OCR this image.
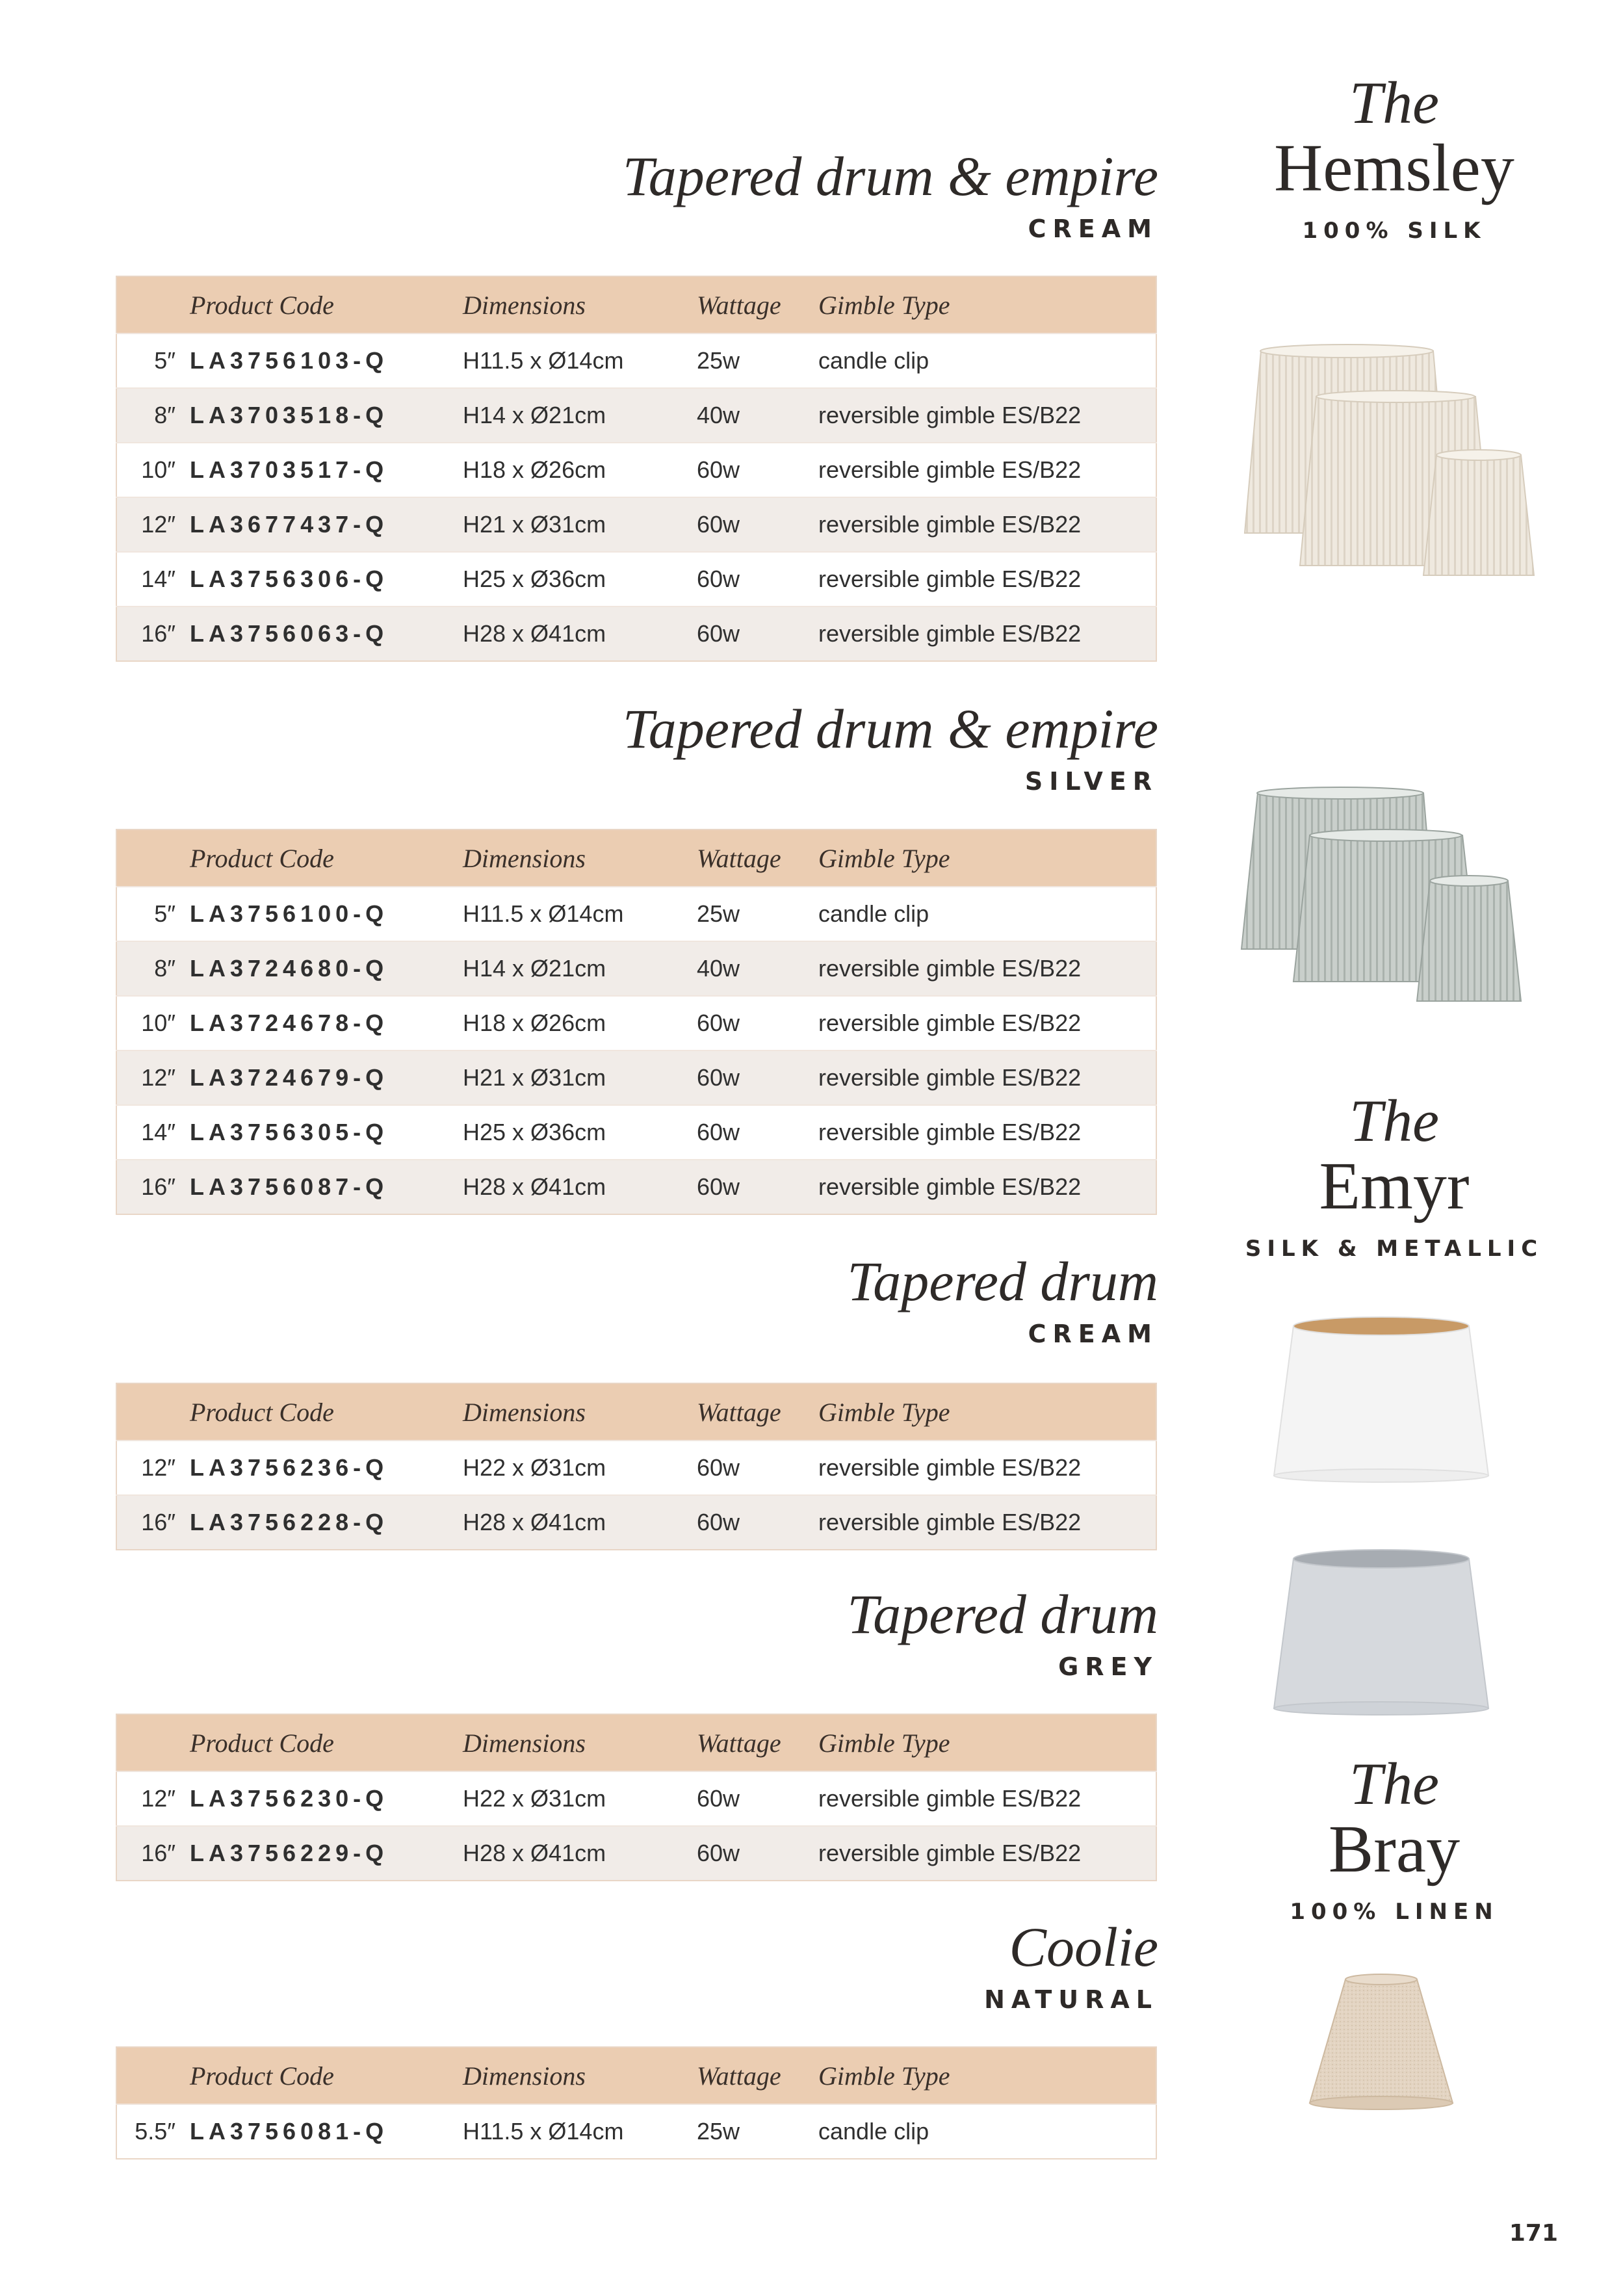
Tapered drum & empire
CREAM
	Product Code	Dimensions	Wattage	Gimble Type
5″	LA3756103-Q	H11.5 x Ø14cm	25w	candle clip
8″	LA3703518-Q	H14 x Ø21cm	40w	reversible gimble ES/B22
10″	LA3703517-Q	H18 x Ø26cm	60w	reversible gimble ES/B22
12″	LA3677437-Q	H21 x Ø31cm	60w	reversible gimble ES/B22
14″	LA3756306-Q	H25 x Ø36cm	60w	reversible gimble ES/B22
16″	LA3756063-Q	H28 x Ø41cm	60w	reversible gimble ES/B22
Tapered drum & empire
SILVER
	Product Code	Dimensions	Wattage	Gimble Type
5″	LA3756100-Q	H11.5 x Ø14cm	25w	candle clip
8″	LA3724680-Q	H14 x Ø21cm	40w	reversible gimble ES/B22
10″	LA3724678-Q	H18 x Ø26cm	60w	reversible gimble ES/B22
12″	LA3724679-Q	H21 x Ø31cm	60w	reversible gimble ES/B22
14″	LA3756305-Q	H25 x Ø36cm	60w	reversible gimble ES/B22
16″	LA3756087-Q	H28 x Ø41cm	60w	reversible gimble ES/B22
Tapered drum
CREAM
	Product Code	Dimensions	Wattage	Gimble Type
12″	LA3756236-Q	H22 x Ø31cm	60w	reversible gimble ES/B22
16″	LA3756228-Q	H28 x Ø41cm	60w	reversible gimble ES/B22
Tapered drum
GREY
	Product Code	Dimensions	Wattage	Gimble Type
12″	LA3756230-Q	H22 x Ø31cm	60w	reversible gimble ES/B22
16″	LA3756229-Q	H28 x Ø41cm	60w	reversible gimble ES/B22
Coolie
NATURAL
	Product Code	Dimensions	Wattage	Gimble Type
5.5″	LA3756081-Q	H11.5 x Ø14cm	25w	candle clip
The
Hemsley
100% SILK
The
Emyr
SILK & METALLIC
The
Bray
100% LINEN
171
